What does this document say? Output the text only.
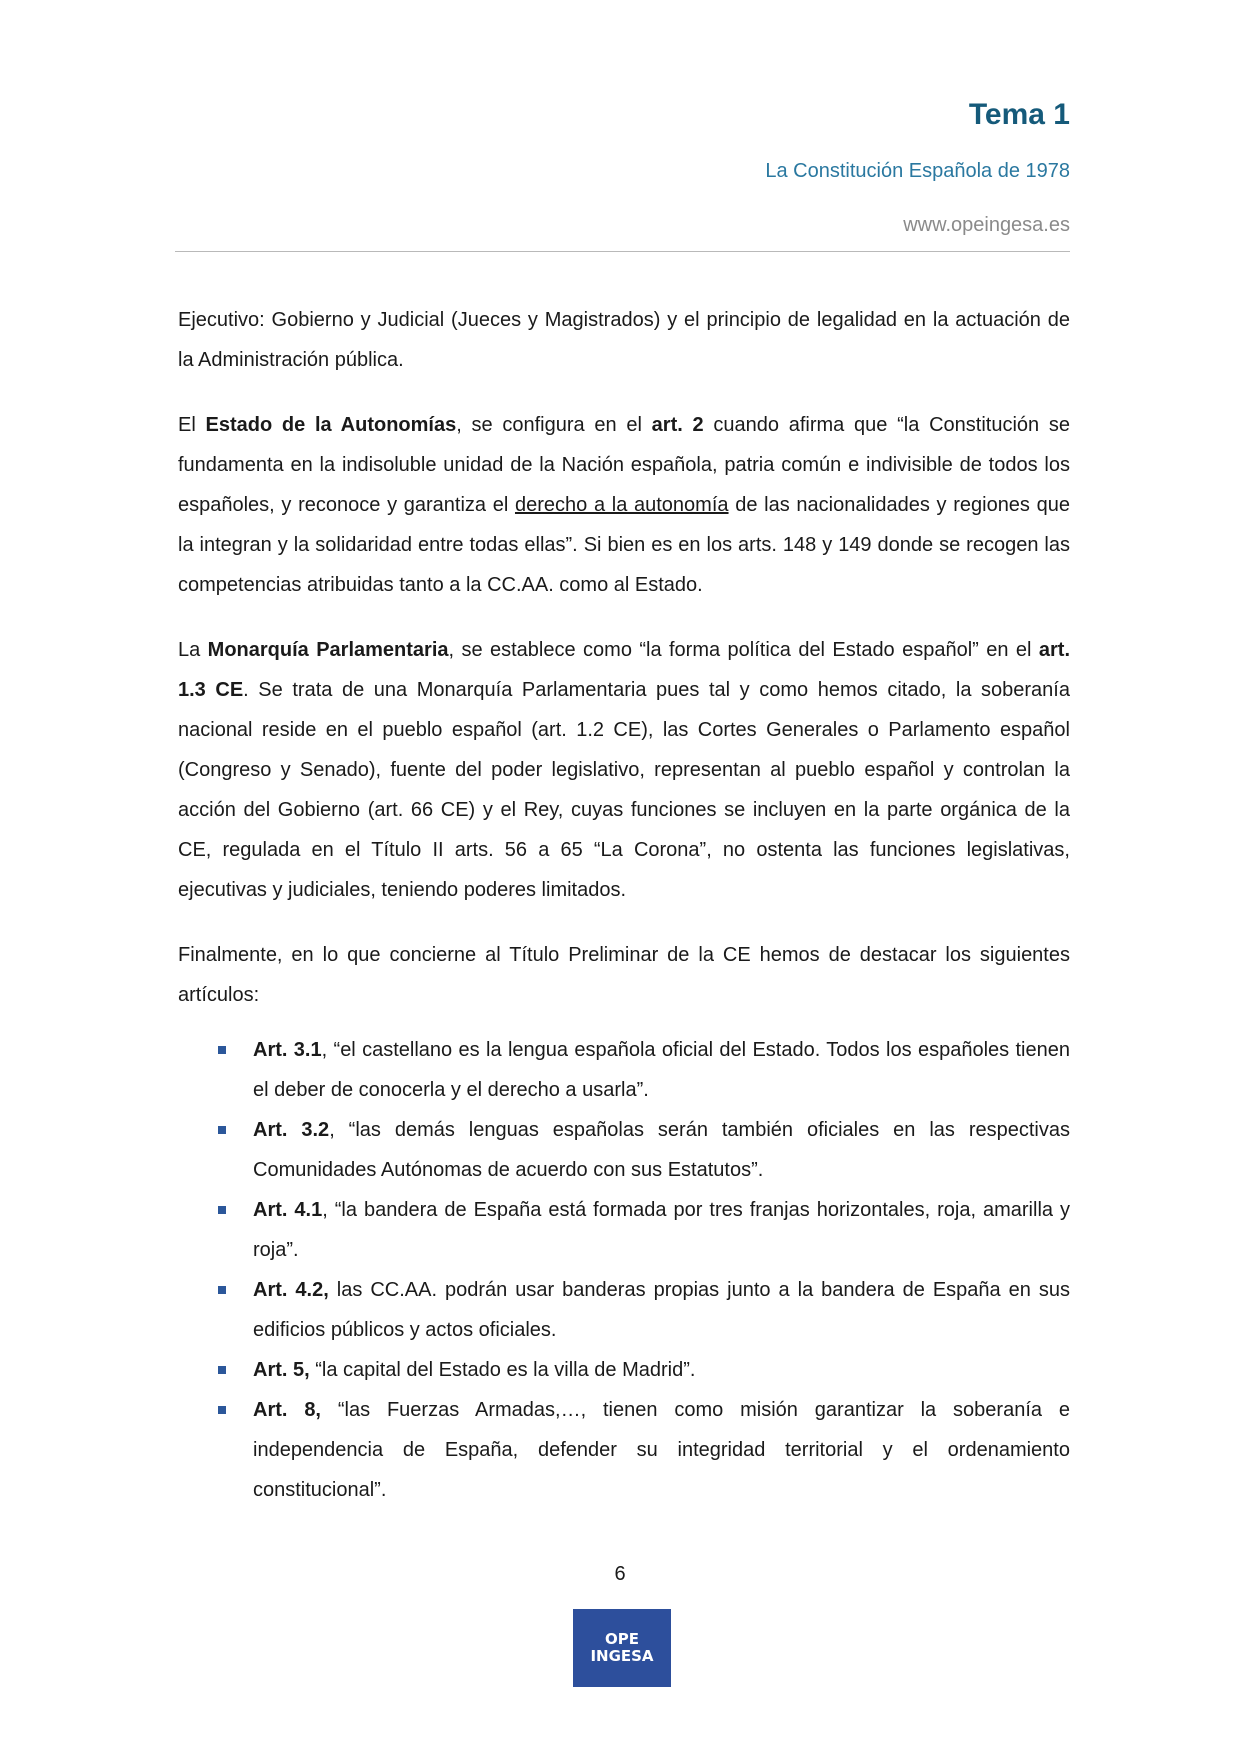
Tema 1
La Constitución Española de 1978
www.opeingesa.es

Ejecutivo: Gobierno y Judicial (Jueces y Magistrados) y el principio de legalidad en la actuación de la Administración pública.

El Estado de la Autonomías, se configura en el art. 2 cuando afirma que “la Constitución se fundamenta en la indisoluble unidad de la Nación española, patria común e indivisible de todos los españoles, y reconoce y garantiza el derecho a la autonomía de las nacionalidades y regiones que la integran y la solidaridad entre todas ellas”. Si bien es en los arts. 148 y 149 donde se recogen las competencias atribuidas tanto a la CC.AA. como al Estado.

La Monarquía Parlamentaria, se establece como “la forma política del Estado español” en el art. 1.3 CE. Se trata de una Monarquía Parlamentaria pues tal y como hemos citado, la soberanía nacional reside en el pueblo español (art. 1.2 CE), las Cortes Generales o Parlamento español (Congreso y Senado), fuente del poder legislativo, representan al pueblo español y controlan la acción del Gobierno (art. 66 CE) y el Rey, cuyas funciones se incluyen en la parte orgánica de la CE, regulada en el Título II arts. 56 a 65 “La Corona”, no ostenta las funciones legislativas, ejecutivas y judiciales, teniendo poderes limitados.

Finalmente, en lo que concierne al Título Preliminar de la CE hemos de destacar los siguientes artículos:

Art. 3.1, “el castellano es la lengua española oficial del Estado. Todos los españoles tienen el deber de conocerla y el derecho a usarla”.
Art. 3.2, “las demás lenguas españolas serán también oficiales en las respectivas Comunidades Autónomas de acuerdo con sus Estatutos”.
Art. 4.1, “la bandera de España está formada por tres franjas horizontales, roja, amarilla y roja”.
Art. 4.2, las CC.AA. podrán usar banderas propias junto a la bandera de España en sus edificios públicos y actos oficiales.
Art. 5, “la capital del Estado es la villa de Madrid”.
Art. 8, “las Fuerzas Armadas,…, tienen como misión garantizar la soberanía e independencia de España, defender su integridad territorial y el ordenamiento constitucional”.
6
OPE
INGESA
